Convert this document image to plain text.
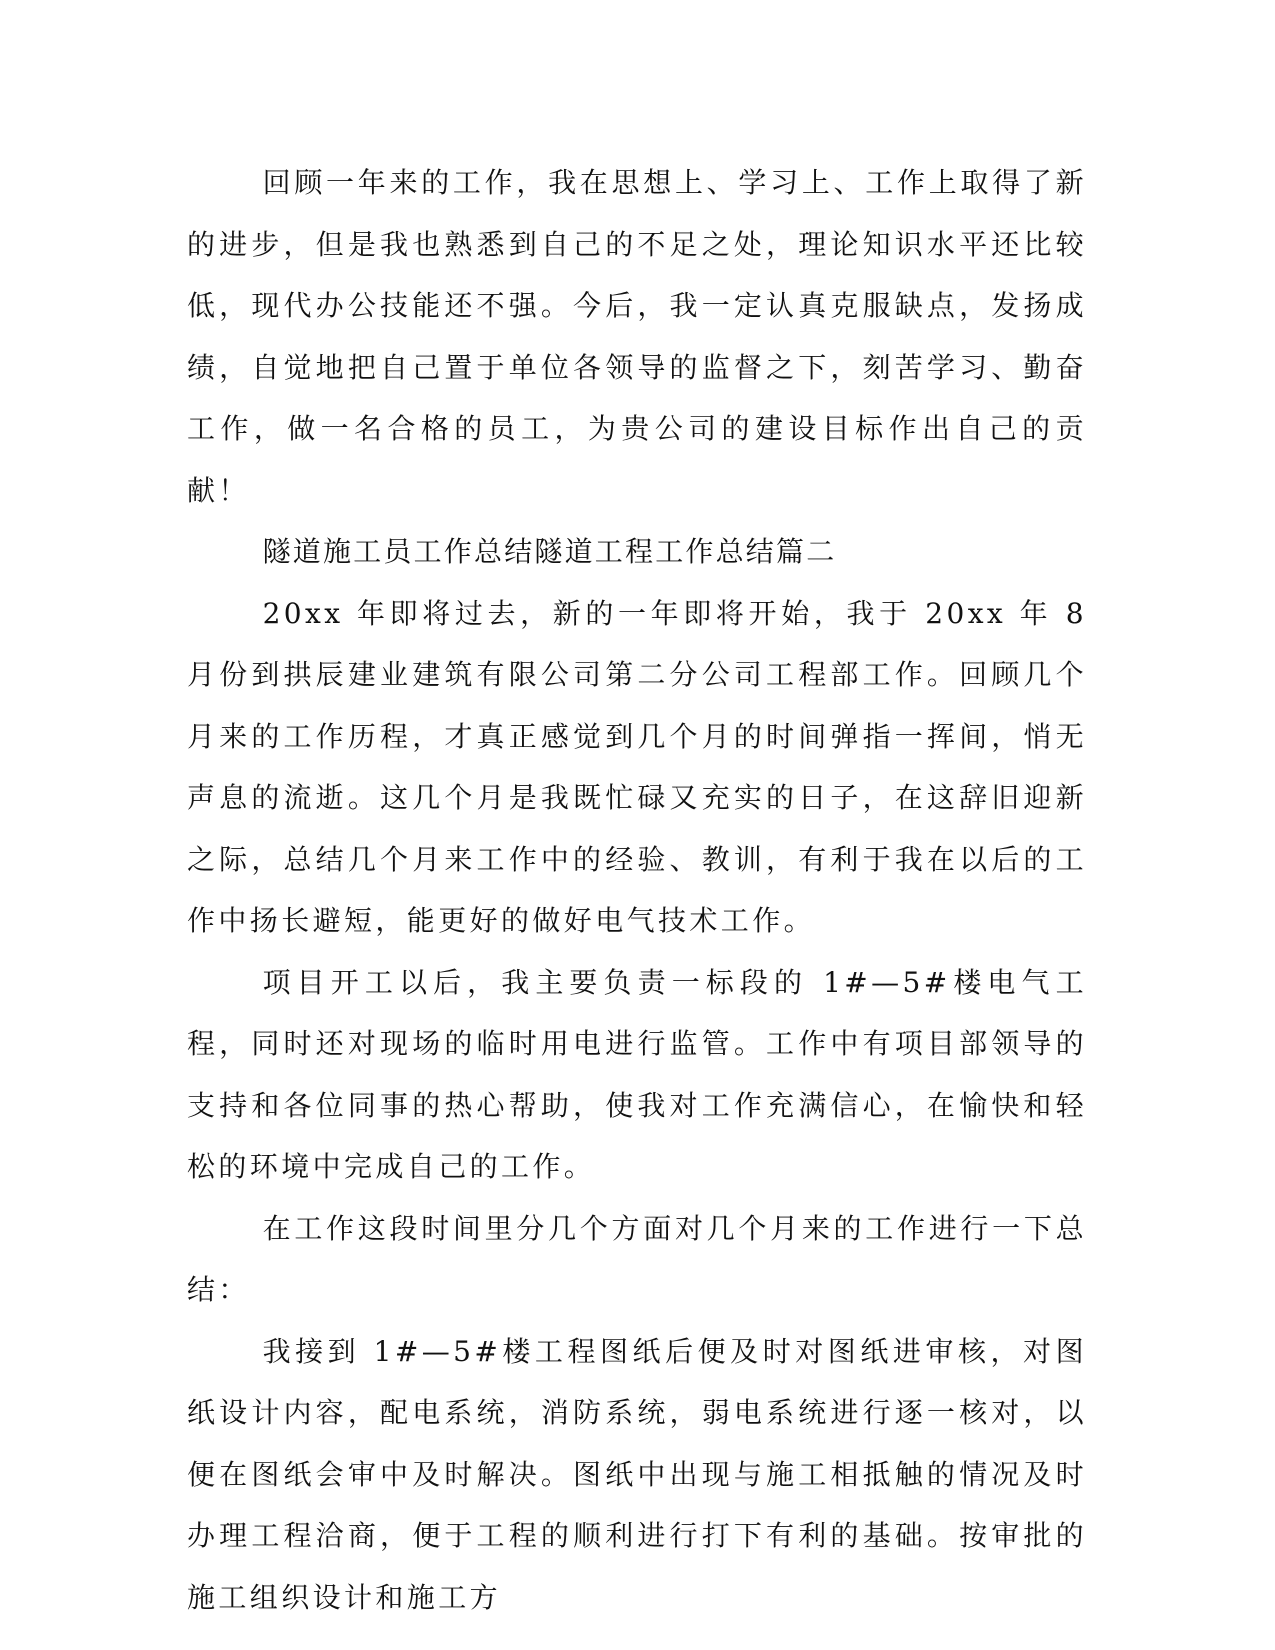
回顾一年来的工作，我在思想上、学习上、工作上取得了新的进步，但是我也熟悉到自己的不足之处，理论知识水平还比较低，现代办公技能还不强。今后，我一定认真克服缺点，发扬成绩，自觉地把自己置于单位各领导的监督之下，刻苦学习、勤奋工作，做一名合格的员工，为贵公司的建设目标作出自己的贡献！

隧道施工员工作总结隧道工程工作总结篇二

20xx 年即将过去，新的一年即将开始，我于 20xx 年 8 月份到拱辰建业建筑有限公司第二分公司工程部工作。回顾几个月来的工作历程，才真正感觉到几个月的时间弹指一挥间，悄无声息的流逝。这几个月是我既忙碌又充实的日子，在这辞旧迎新之际，总结几个月来工作中的经验、教训，有利于我在以后的工作中扬长避短，能更好的做好电气技术工作。

项目开工以后，我主要负责一标段的 1#—5#楼电气工程，同时还对现场的临时用电进行监管。工作中有项目部领导的支持和各位同事的热心帮助，使我对工作充满信心，在愉快和轻松的环境中完成自己的工作。

在工作这段时间里分几个方面对几个月来的工作进行一下总结：

我接到 1#—5#楼工程图纸后便及时对图纸进审核，对图纸设计内容，配电系统，消防系统，弱电系统进行逐一核对，以便在图纸会审中及时解决。图纸中出现与施工相抵触的情况及时办理工程洽商，便于工程的顺利进行打下有利的基础。按审批的施工组织设计和施工方
